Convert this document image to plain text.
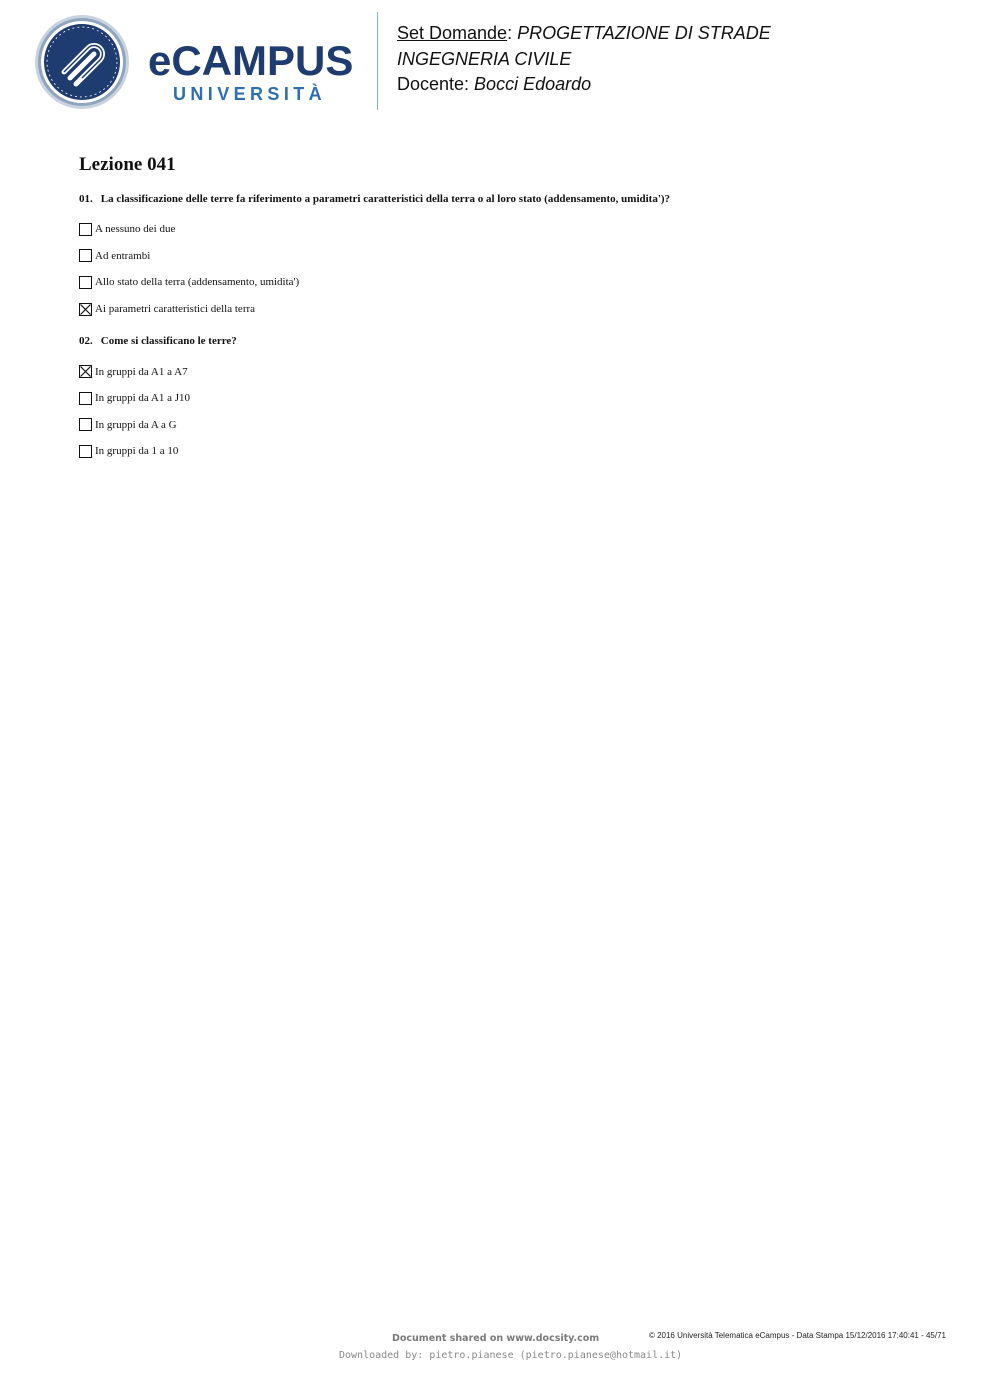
eCAMPUS
UNIVERSITÀ
Set Domande: PROGETTAZIONE DI STRADE
INGEGNERIA CIVILE
Docente: Bocci Edoardo
Lezione 041
01. La classificazione delle terre fa riferimento a parametri caratteristici della terra o al loro stato (addensamento, umidita')?
A nessuno dei due
Ad entrambi
Allo stato della terra (addensamento, umidita')
Ai parametri caratteristici della terra
02. Come si classificano le terre?
In gruppi da A1 a A7
In gruppi da A1 a J10
In gruppi da A a G
In gruppi da 1 a 10
Document shared on www.docsity.com	© 2016 Università Telematica eCampus - Data Stampa 15/12/2016 17:40:41 - 45/71
Downloaded by: pietro.pianese (pietro.pianese@hotmail.it)
